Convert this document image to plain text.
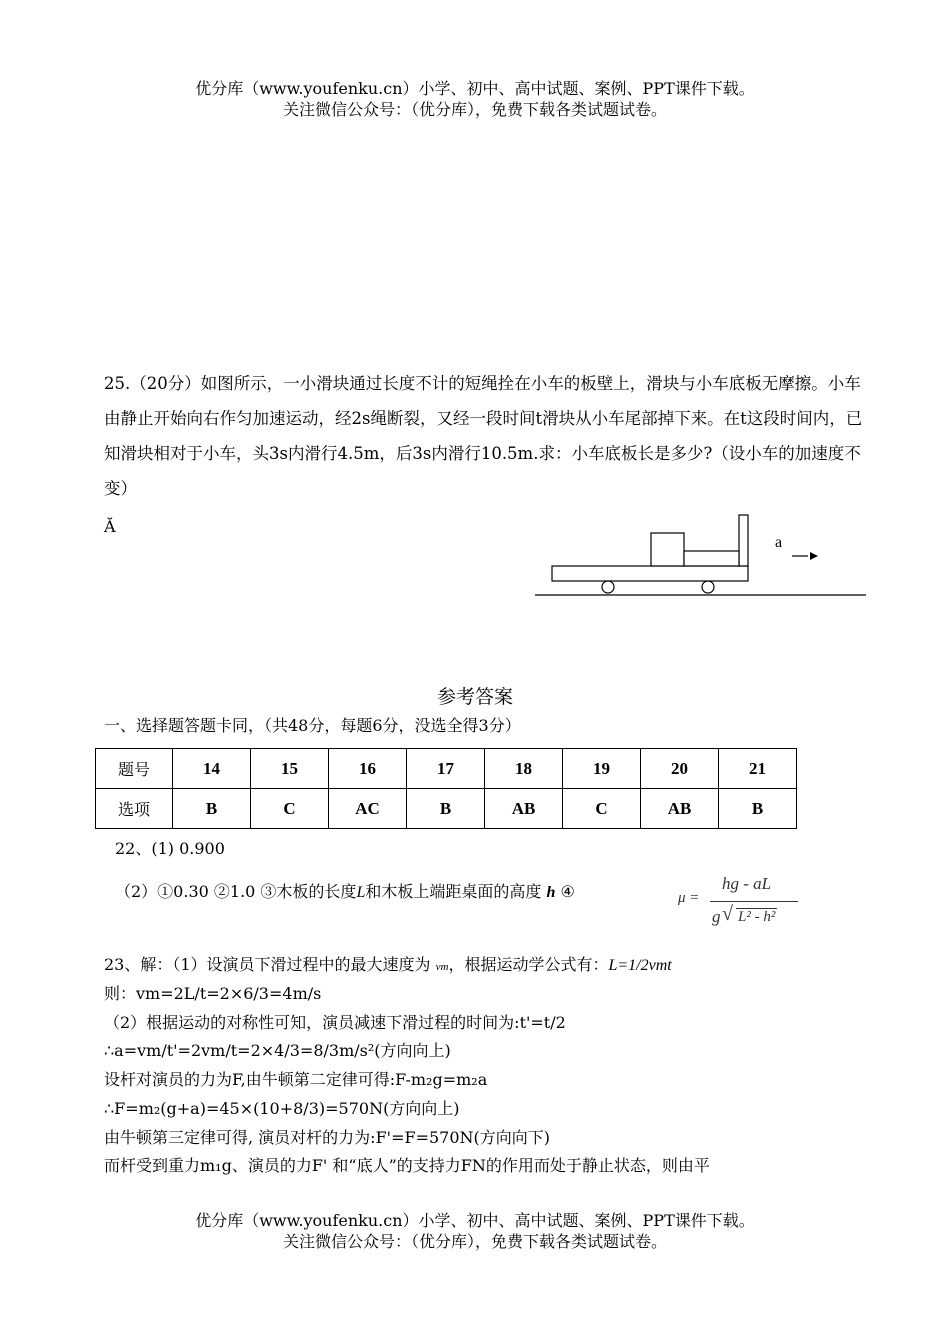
优分库（www.youfenku.cn）小学、初中、高中试题、案例、PPT课件下载。
关注微信公众号：（优分库），免费下载各类试题试卷。
25.（20分）如图所示，一小滑块通过长度不计的短绳拴在小车的板壁上，滑块与小车底板无摩擦。小车由静止开始向右作匀加速运动，经2s绳断裂，又经一段时间t滑块从小车尾部掉下来。在t这段时间内，已知滑块相对于小车，头3s内滑行4.5m，后3s内滑行10.5m.求：小车底板长是多少?（设小车的加速度不变）
Ă
a
参考答案
一、选择题答题卡同，（共48分，每题6分，没选全得3分）
题号	14	15	16	17	18	19	20	21
选项	B	C	AC	B	AB	C	AB	B
22、(1) 0.900
（2）①0.30 ②1.0 ③木板的长度L和木板上端距桌面的高度 h ④	μ =
hg - aL
g √ L² - h²
23、解：（1）设演员下滑过程中的最大速度为 vm，根据运动学公式有：L=1/2vmt
则：vm=2L/t=2×6/3=4m/s
（2）根据运动的对称性可知，演员减速下滑过程的时间为:t'=t/2
∴a=vm/t'=2vm/t=2×4/3=8/3m/s²(方向向上)
设杆对演员的力为F,由牛顿第二定律可得:F-m₂g=m₂a
∴F=m₂(g+a)=45×(10+8/3)=570N(方向向上)
由牛顿第三定律可得, 演员对杆的力为:F'=F=570N(方向向下)
而杆受到重力m₁g、演员的力F' 和“底人”的支持力FN的作用而处于静止状态，则由平
优分库（www.youfenku.cn）小学、初中、高中试题、案例、PPT课件下载。
关注微信公众号：（优分库），免费下载各类试题试卷。
